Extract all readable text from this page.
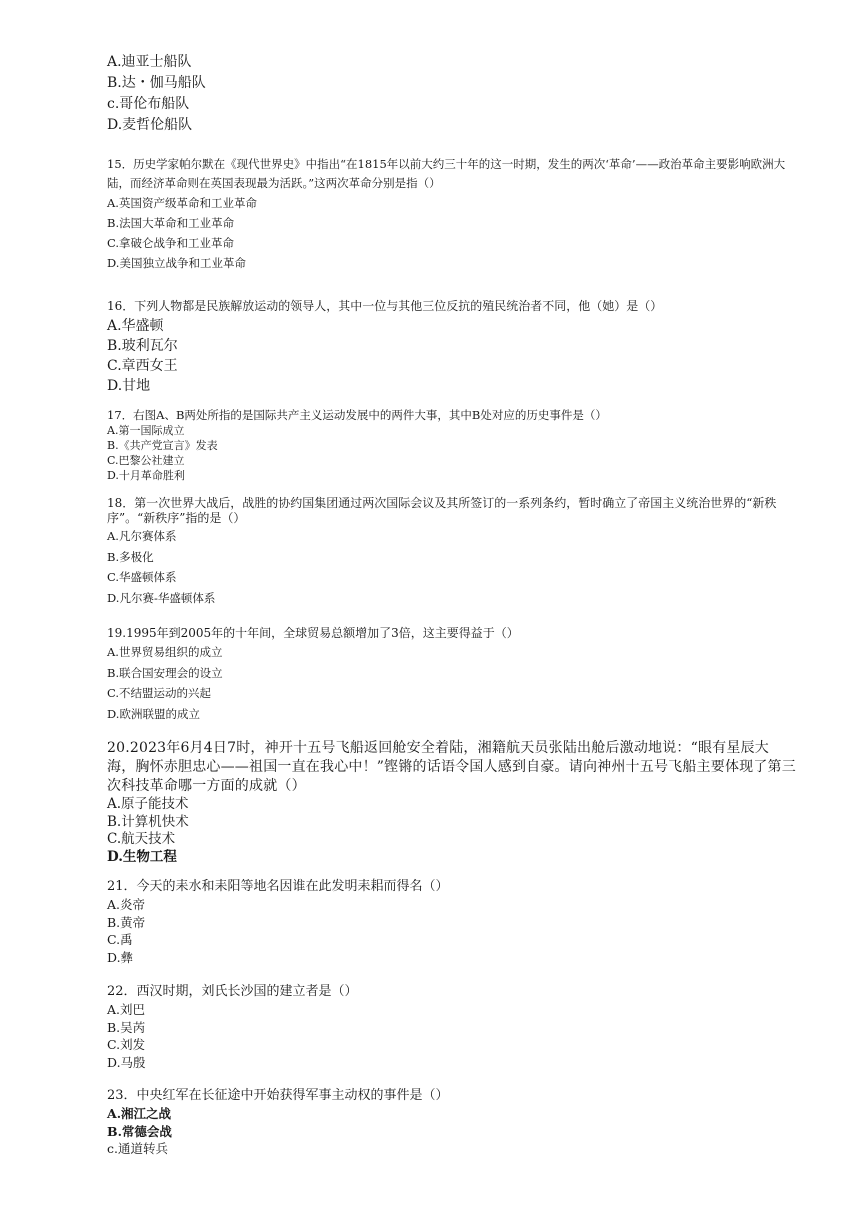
A.迪亚士船队

B.达・伽马船队

c.哥伦布船队

D.麦哲伦船队

15．历史学家帕尔默在《现代世界史》中指出“在1815年以前大约三十年的这一时期，发生的两次‘革命’——政治革命主要影响欧洲大陆，而经济革命则在英国表现最为活跃。”这两次革命分别是指（）

A.英国资产级革命和工业革命

B.法国大革命和工业革命

C.拿破仑战争和工业革命

D.美国独立战争和工业革命

16．下列人物都是民族解放运动的领导人，其中一位与其他三位反抗的殖民统治者不同，他（她）是（）

A.华盛顿

B.玻利瓦尔

C.章西女王

D.甘地

17．右图A、B两处所指的是国际共产主义运动发展中的两件大事，其中B处对应的历史事件是（）

A.第一国际成立

B.《共产党宣言》发表

C.巴黎公社建立

D.十月革命胜利

18．第一次世界大战后，战胜的协约国集团通过两次国际会议及其所签订的一系列条约，暂时确立了帝国主义统治世界的“新秩序”。“新秩序”指的是（）

A.凡尔赛体系

B.多极化

C.华盛顿体系

D.凡尔赛-华盛顿体系

19.1995年到2005年的十年间，全球贸易总额增加了3倍，这主要得益于（）

A.世界贸易组织的成立

B.联合国安理会的设立

C.不结盟运动的兴起

D.欧洲联盟的成立

20.2023年6月4日7时，神开十五号飞船返回舱安全着陆，湘籍航天员张陆出舱后激动地说：“眼有星辰大海，胸怀赤胆忠心——祖国一直在我心中！”铿锵的话语令国人感到自豪。请向神州十五号飞船主要体现了第三次科技革命哪一方面的成就（）

A.原子能技术

B.计算机快术

C.航天技术

D.生物工程

21．今天的耒水和耒阳等地名因谁在此发明耒耜而得名（）

A.炎帝

B.黄帝

C.禹

D.彝

22．西汉时期，刘氏长沙国的建立者是（）

A.刘巴

B.吴芮

C.刘发

D.马殷

23．中央红军在长征途中开始获得军事主动权的事件是（）

A.湘江之战

B.常德会战

c.通道转兵
